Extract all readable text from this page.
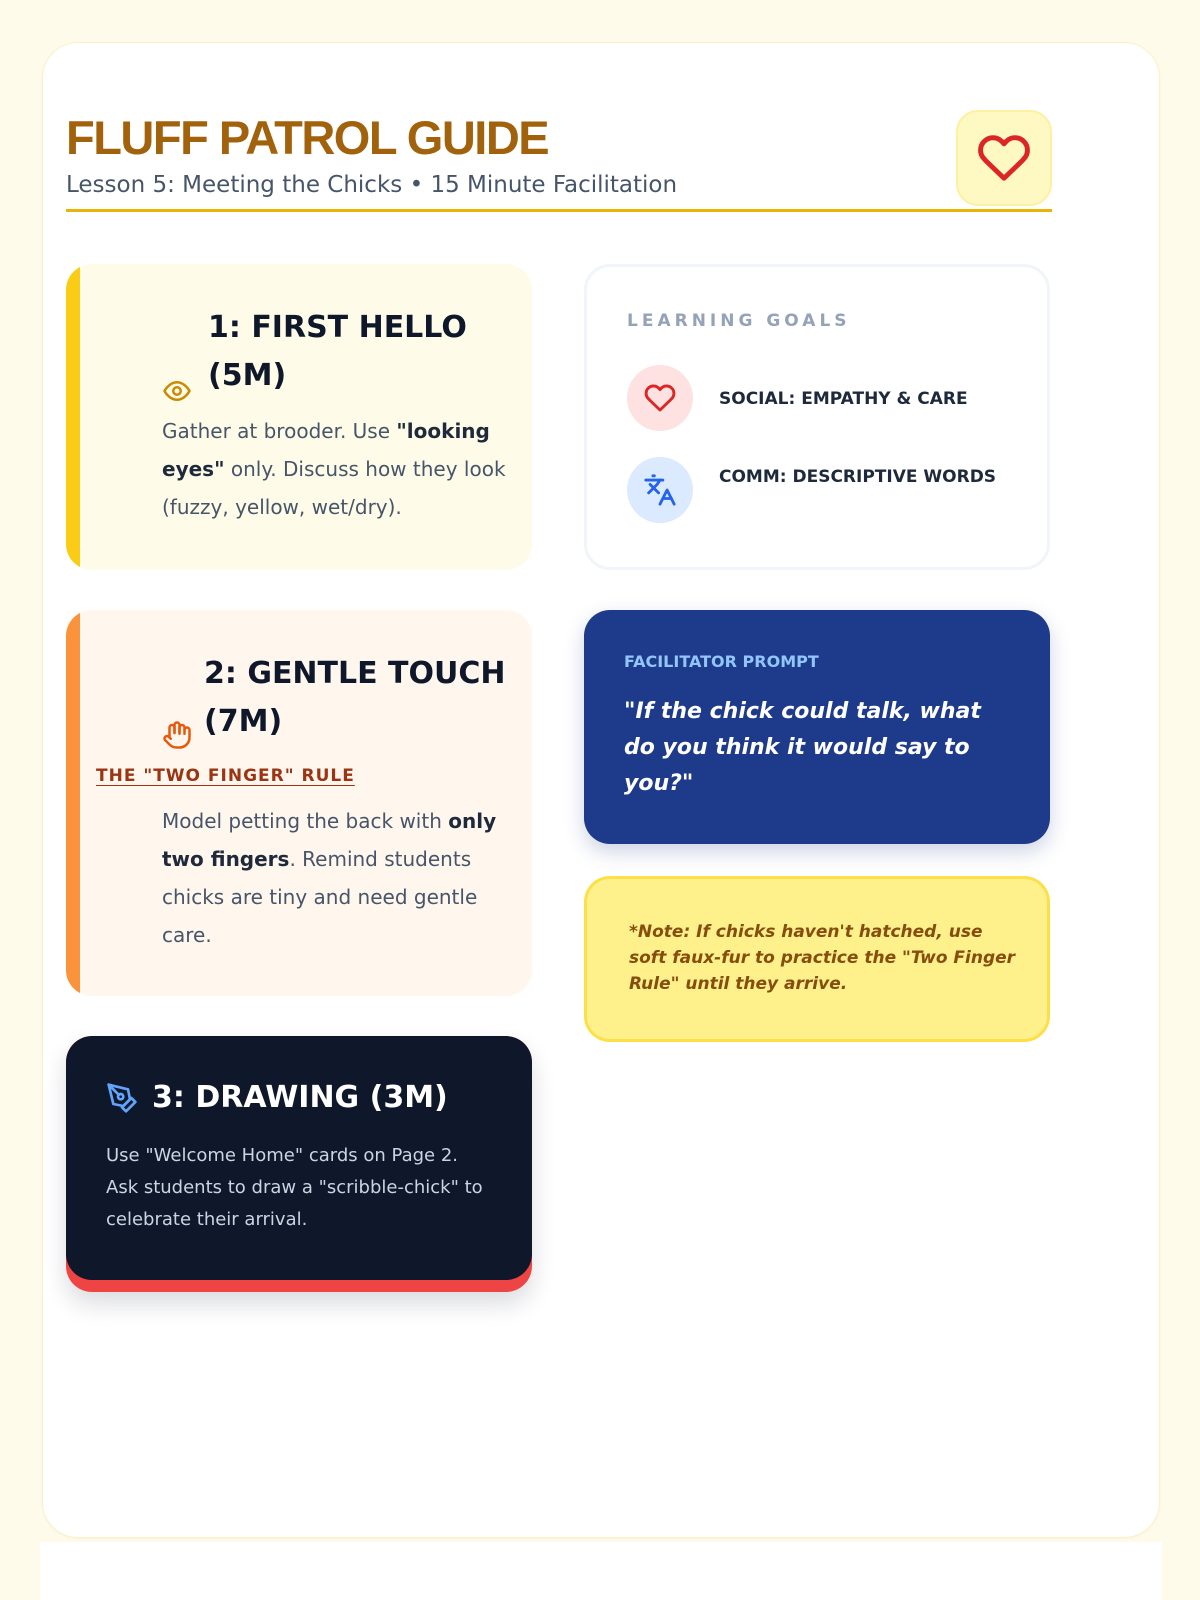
FLUFF PATROL GUIDE
Lesson 5: Meeting the Chicks • 15 Minute Facilitation
1: FIRST HELLO (5M)
Gather at brooder. Use "looking eyes" only. Discuss how they look (fuzzy, yellow, wet/dry).
2: GENTLE TOUCH (7M)
Model petting the back with only two fingers. Remind students chicks are tiny and need gentle care.
THE "TWO FINGER" RULE
3: DRAWING (3M)
Use "Welcome Home" cards on Page 2. Ask students to draw a "scribble-chick" to celebrate their arrival.
LEARNING GOALS
SOCIAL: EMPATHY & CARE
COMM: DESCRIPTIVE WORDS
FACILITATOR PROMPT
"If the chick could talk, what do you think it would say to you?"
*Note: If chicks haven't hatched, use soft faux-fur to practice the "Two Finger Rule" until they arrive.
